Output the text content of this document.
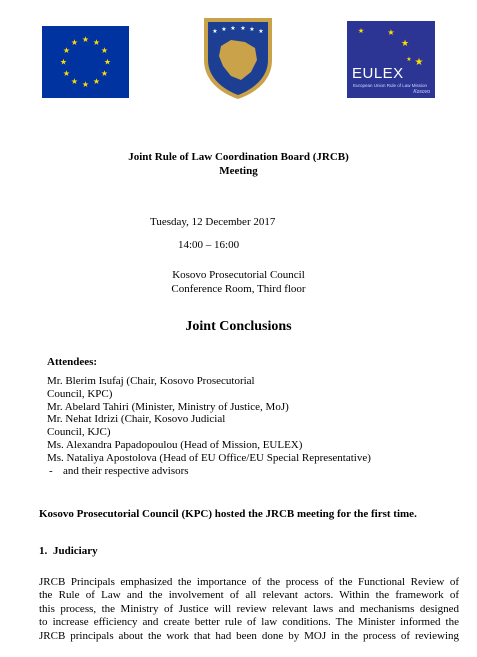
★ ★
★
★
★
★
★
★
★
★
★
★
★ ★ ★ ★ ★ ★	★	★
★
★
★
EULEX
European Union Rule of Law Mission
Kosovo
Joint Rule of Law Coordination Board (JRCB)
Meeting
Tuesday, 12 December 2017
14:00 – 16:00
Kosovo Prosecutorial Council
Conference Room, Third floor
Joint Conclusions
Attendees:
Mr. Blerim Isufaj (Chair, Kosovo Prosecutorial
Council, KPC)
Mr. Abelard Tahiri (Minister, Ministry of Justice, MoJ)
Mr. Nehat Idrizi (Chair, Kosovo Judicial
Council, KJC)
Ms. Alexandra Papadopoulou (Head of Mission, EULEX)
Ms. Nataliya Apostolova (Head of EU Office/EU Special Representative)
- and their respective advisors
Kosovo Prosecutorial Council (KPC) hosted the JRCB meeting for the first time.
1. Judiciary
JRCB Principals emphasized the importance of the process of the Functional Review of
the Rule of Law and the involvement of all relevant actors. Within the framework of
this process, the Ministry of Justice will review relevant laws and mechanisms designed
to increase efficiency and create better rule of law conditions. The Minister informed the
JRCB principals about the work that had been done by MOJ in the process of reviewing
